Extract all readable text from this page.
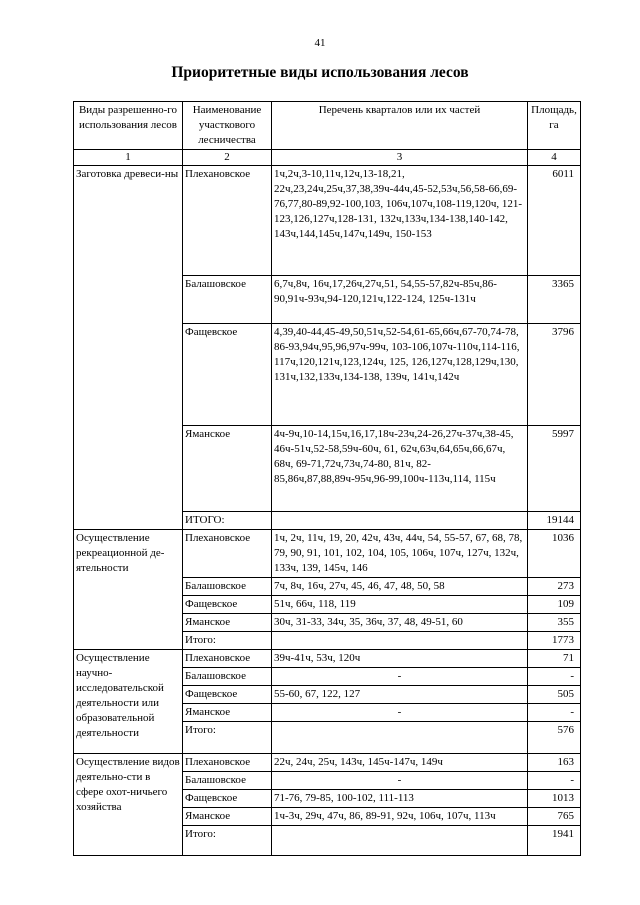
41
Приоритетные виды использования лесов
Виды разрешенно-го использования лесов	Наименование участкового лесничества	Перечень кварталов или их частей	Площадь, га
1	2	3	4
Заготовка древеси-ны	Плехановское	1ч,2ч,3-10,11ч,12ч,13-18,21, 22ч,23,24ч,25ч,37,38,39ч-44ч,45-52,53ч,56,58-66,69-76,77,80-89,92-100,103, 106ч,107ч,108-119,120ч, 121-123,126,127ч,128-131, 132ч,133ч,134-138,140-142, 143ч,144,145ч,147ч,149ч, 150-153	6011
	Балашовское	6,7ч,8ч, 16ч,17,26ч,27ч,51, 54,55-57,82ч-85ч,86-90,91ч-93ч,94-120,121ч,122-124, 125ч-131ч	3365
	Фащевское	4,39,40-44,45-49,50,51ч,52-54,61-65,66ч,67-70,74-78, 86-93,94ч,95,96,97ч-99ч, 103-106,107ч-110ч,114-116, 117ч,120,121ч,123,124ч, 125, 126,127ч,128,129ч,130, 131ч,132,133ч,134-138, 139ч, 141ч,142ч	3796
	Яманское	4ч-9ч,10-14,15ч,16,17,18ч-23ч,24-26,27ч-37ч,38-45, 46ч-51ч,52-58,59ч-60ч, 61, 62ч,63ч,64,65ч,66,67ч, 68ч, 69-71,72ч,73ч,74-80, 81ч, 82-85,86ч,87,88,89ч-95ч,96-99,100ч-113ч,114, 115ч	5997
	ИТОГО:		19144
Осуществление рекреационной де-ятельности	Плехановское	1ч, 2ч, 11ч, 19, 20, 42ч, 43ч, 44ч, 54, 55-57, 67, 68, 78, 79, 90, 91, 101, 102, 104, 105, 106ч, 107ч, 127ч, 132ч, 133ч, 139, 145ч, 146	1036
	Балашовское	7ч, 8ч, 16ч, 27ч, 45, 46, 47, 48, 50, 58	273
	Фащевское	51ч, 66ч, 118, 119	109
	Яманское	30ч, 31-33, 34ч, 35, 36ч, 37, 48, 49-51, 60	355
	Итого:		1773
Осуществление научно-исследовательской деятельности или образовательной деятельности	Плехановское	39ч-41ч, 53ч, 120ч	71
	Балашовское	-	-
	Фащевское	55-60, 67, 122, 127	505
	Яманское	-	-
	Итого:		576
Осуществление видов деятельно-сти в сфере охот-ничьего хозяйства	Плехановское	22ч, 24ч, 25ч, 143ч, 145ч-147ч, 149ч	163
	Балашовское	-	-
	Фащевское	71-76, 79-85, 100-102, 111-113	1013
	Яманское	1ч-3ч, 29ч, 47ч, 86, 89-91, 92ч, 106ч, 107ч, 113ч	765
	Итого:		1941
